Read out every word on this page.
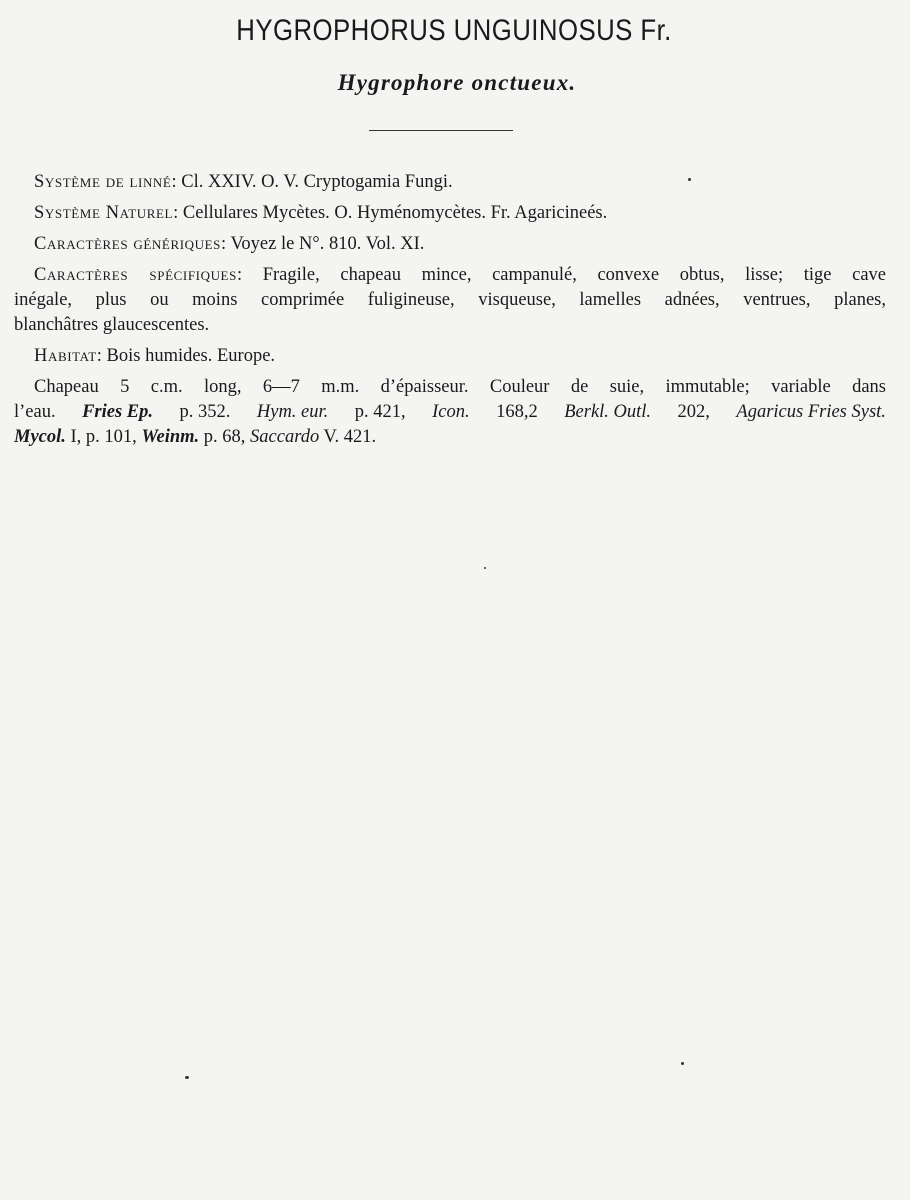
HYGROPHORUS UNGUINOSUS Fr.
Hygrophore onctueux.

Système de linné: Cl. XXIV. O. V. Cryptogamia Fungi.

Système Naturel: Cellulares Mycètes. O. Hyménomycètes. Fr. Agaricineés.

Caractères génériques: Voyez le N°. 810. Vol. XI.

Caractères spécifiques: Fragile, chapeau mince, campanulé, convexe obtus, lisse; tige cave
inégale, plus ou moins comprimée fuligineuse, visqueuse, lamelles adnées, ventrues, planes,
blanchâtres glaucescentes.

Habitat: Bois humides. Europe.

Chapeau 5 c.m. long, 6—7 m.m. d’épaisseur. Couleur de suie, immutable; variable dans
l’eau. Fries Ep. p. 352. Hym. eur. p. 421, Icon. 168,2 Berkl. Outl. 202, Agaricus Fries Syst.
Mycol. I, p. 101, Weinm. p. 68, Saccardo V. 421.
